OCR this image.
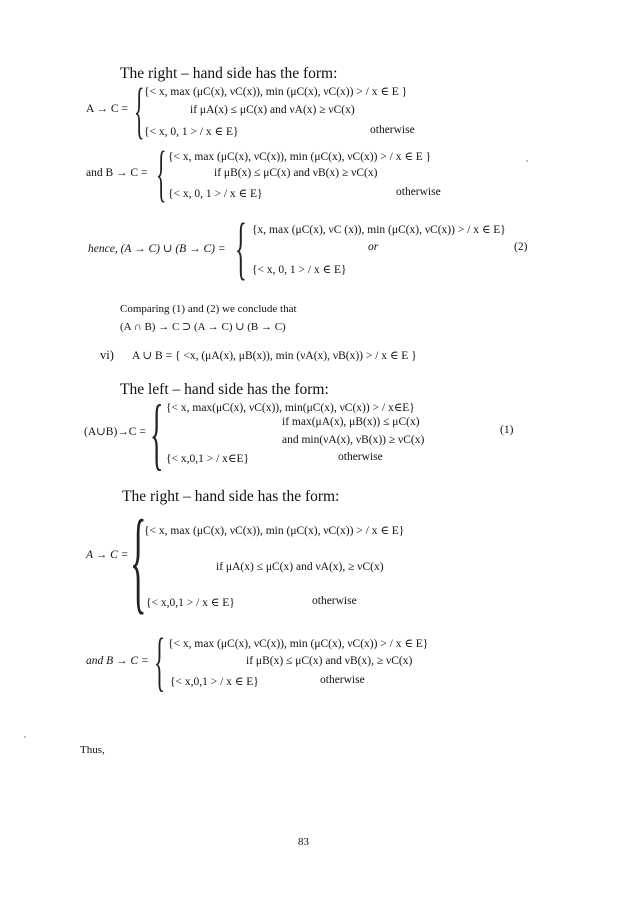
The right – hand side has the form:
A → C = { {< x, max (μC(x), νC(x)), min (μC(x), νC(x)) > / x ∈ E }
if μA(x) ≤ μC(x) and νA(x) ≥ νC(x)
{< x, 0, 1 > / x ∈ E}	otherwise
and B → C = { {< x, max (μC(x), νC(x)), min (μC(x), νC(x)) > / x ∈ E }
if μB(x) ≤ μC(x) and νB(x) ≥ νC(x)
{< x, 0, 1 > / x ∈ E}	otherwise
hence, (A → C) ∪ (B → C) = { {x, max (μC(x), νC (x)), min (μC(x), νC(x)) > / x ∈ E}
or
{< x, 0, 1 > / x ∈ E}
(2)
Comparing (1) and (2) we conclude that
(A ∩ B) → C ⊃ (A → C) ∪ (B → C)
vi) A ∪ B = { <x, (μA(x), μB(x)), min (νA(x), νB(x)) > / x ∈ E }
The left – hand side has the form:
(A∪B)→C = { {< x, max(μC(x), νC(x)), min(μC(x), νC(x)) > / x∈E}
if max(μA(x), μB(x)) ≤ μC(x)
and min(νA(x), νB(x)) ≥ νC(x)
{< x,0,1 > / x∈E}	otherwise
(1)
The right – hand side has the form:
A → C = {
{< x, max (μC(x), νC(x)), min (μC(x), νC(x)) > / x ∈ E}
if μA(x) ≤ μC(x) and νA(x), ≥ νC(x)
{< x,0,1 > / x ∈ E}	otherwise
and B → C = { {< x, max (μC(x), νC(x)), min (μC(x), νC(x)) > / x ∈ E}
if μB(x) ≤ μC(x) and νB(x), ≥ νC(x)
{< x,0,1 > / x ∈ E}	otherwise
Thus,
83
